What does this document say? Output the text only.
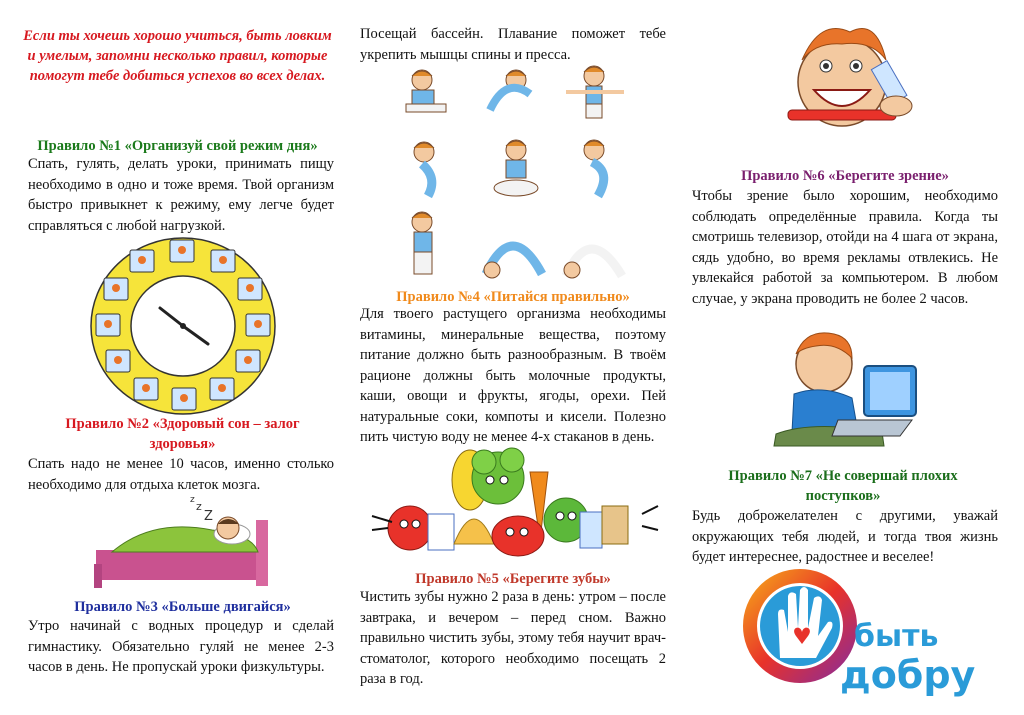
Если ты хочешь хорошо учиться, быть ловким и умелым, запомни несколько правил, которые помогут тебе добиться успехов во всех делах.
Правило №1 «Организуй свой режим дня»
Спать, гулять, делать уроки, принимать пищу необходимо в одно и тоже время. Твой организм быстро привыкнет к режиму, ему легче будет справляться с любой нагрузкой.
Правило №2 «Здоровый сон – залог здоровья»
Спать надо не менее 10 часов, именно столько необходимо для отдыха клеток мозга.
z z
Z
Правило №3 «Больше двигайся»
Утро начинай с водных процедур и сделай гимнастику. Обязательно гуляй не менее 2-3 часов в день. Не пропускай уроки физкультуры.
Посещай бассейн. Плавание поможет тебе укрепить мышцы спины и пресса.
Правило №4 «Питайся правильно»
Для твоего растущего организма необходимы витамины, минеральные вещества, поэтому питание должно быть разнообразным. В твоём рационе должны быть молочные продукты, каши, овощи и фрукты, ягоды, орехи. Пей натуральные соки, компоты и кисели. Полезно пить чистую воду не менее 4-х стаканов в день.
Правило №5 «Берегите зубы»
Чистить зубы нужно 2 раза в день: утром – после завтрака, и вечером – перед сном. Важно правильно чистить зубы, этому тебя научит врач-стоматолог, которого необходимо посещать 2 раза в год.
Правило №6 «Берегите зрение»
Чтобы зрение было хорошим, необходимо соблюдать определённые правила. Когда ты смотришь телевизор, отойди на 4 шага от экрана, сядь удобно, во время рекламы отвлекись. Не увлекайся работой за компьютером. В любом случае, у экрана проводить не более 2 часов.
Правило №7 «Не совершай плохих поступков»
Будь доброжелателен с другими, уважай окружающих тебя людей, и тогда твоя жизнь будет интереснее, радостнее и веселее!
быть
добру
